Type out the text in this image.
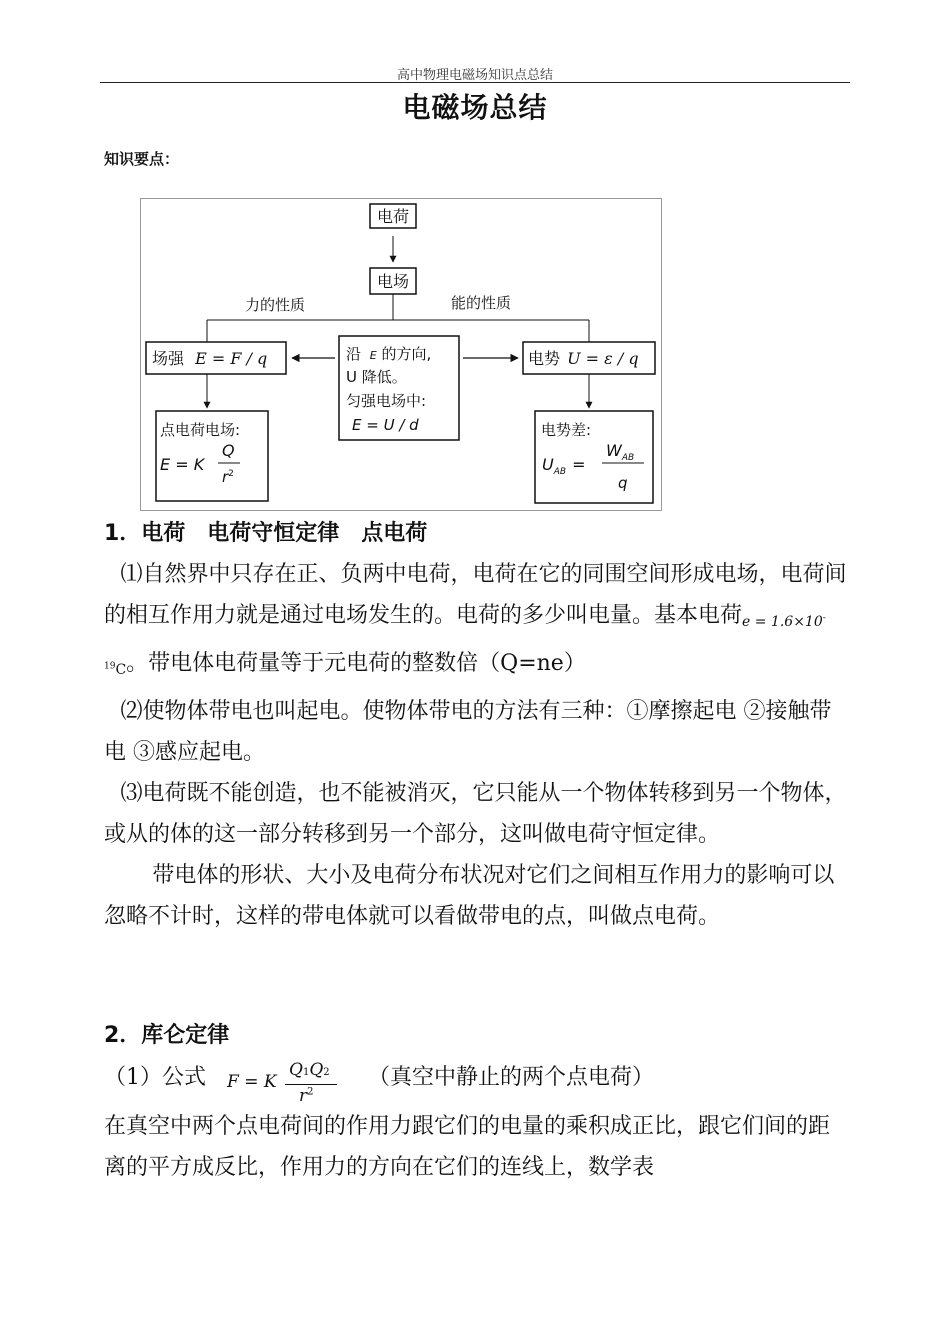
高中物理电磁场知识点总结
电磁场总结
知识要点：
电荷
电场
力的性质	能的性质
场强 E = F / q	沿 E 的方向,
U 降低。
匀强电场中:
E = U / d
电势 U = ε / q
点电荷电场:
E = K
Q
$r^2$
电势差:
$U_{AB}$ =
$W_{AB}$
q
1．电荷　电荷守恒定律　点电荷
⑴自然界中只存在正、负两中电荷，电荷在它的同围空间形成电场，电荷间的相互作用力就是通过电场发生的。电荷的多少叫电量。基本电荷$e = 1.6\times 10^{-19}C$。带电体电荷量等于元电荷的整数倍（Q=ne）
⑵使物体带电也叫起电。使物体带电的方法有三种：①摩擦起电 ②接触带电 ③感应起电。
⑶电荷既不能创造，也不能被消灭，它只能从一个物体转移到另一个物体，或从的体的这一部分转移到另一个部分，这叫做电荷守恒定律。
带电体的形状、大小及电荷分布状况对它们之间相互作用力的影响可以忽略不计时，这样的带电体就可以看做带电的点，叫做点电荷。
2．库仑定律
（1）公式 F = K
Q1Q2
$r^2$
（真空中静止的两个点电荷）
在真空中两个点电荷间的作用力跟它们的电量的乘积成正比，跟它们间的距离的平方成反比，作用力的方向在它们的连线上，数学表
